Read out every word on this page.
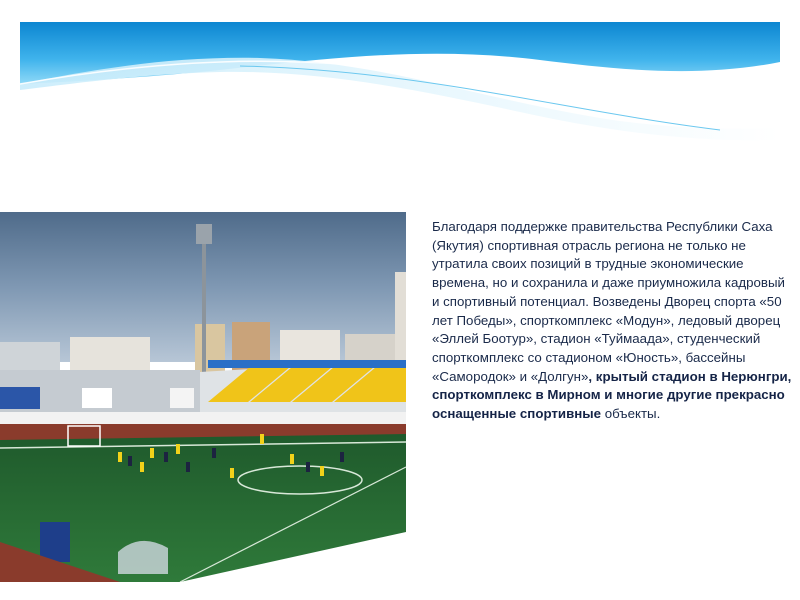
Благодаря поддержке правительства Республики Саха (Якутия) спортивная отрасль региона не только не утратила своих позиций в трудные экономические времена, но и сохранила и даже приумножила кадровый и спортивный потенциал. Возведены Дворец спорта «50 лет Победы», спорткомплекс «Модун», ледовый дворец «Эллей Боотур», стадион «Туймаада», студенческий спорткомплекс со стадионом «Юность», бассейны «Самородок» и «Долгун», крытый стадион в Нерюнгри, спорткомплекс в Мирном и многие другие прекрасно оснащенные спортивные объекты.
